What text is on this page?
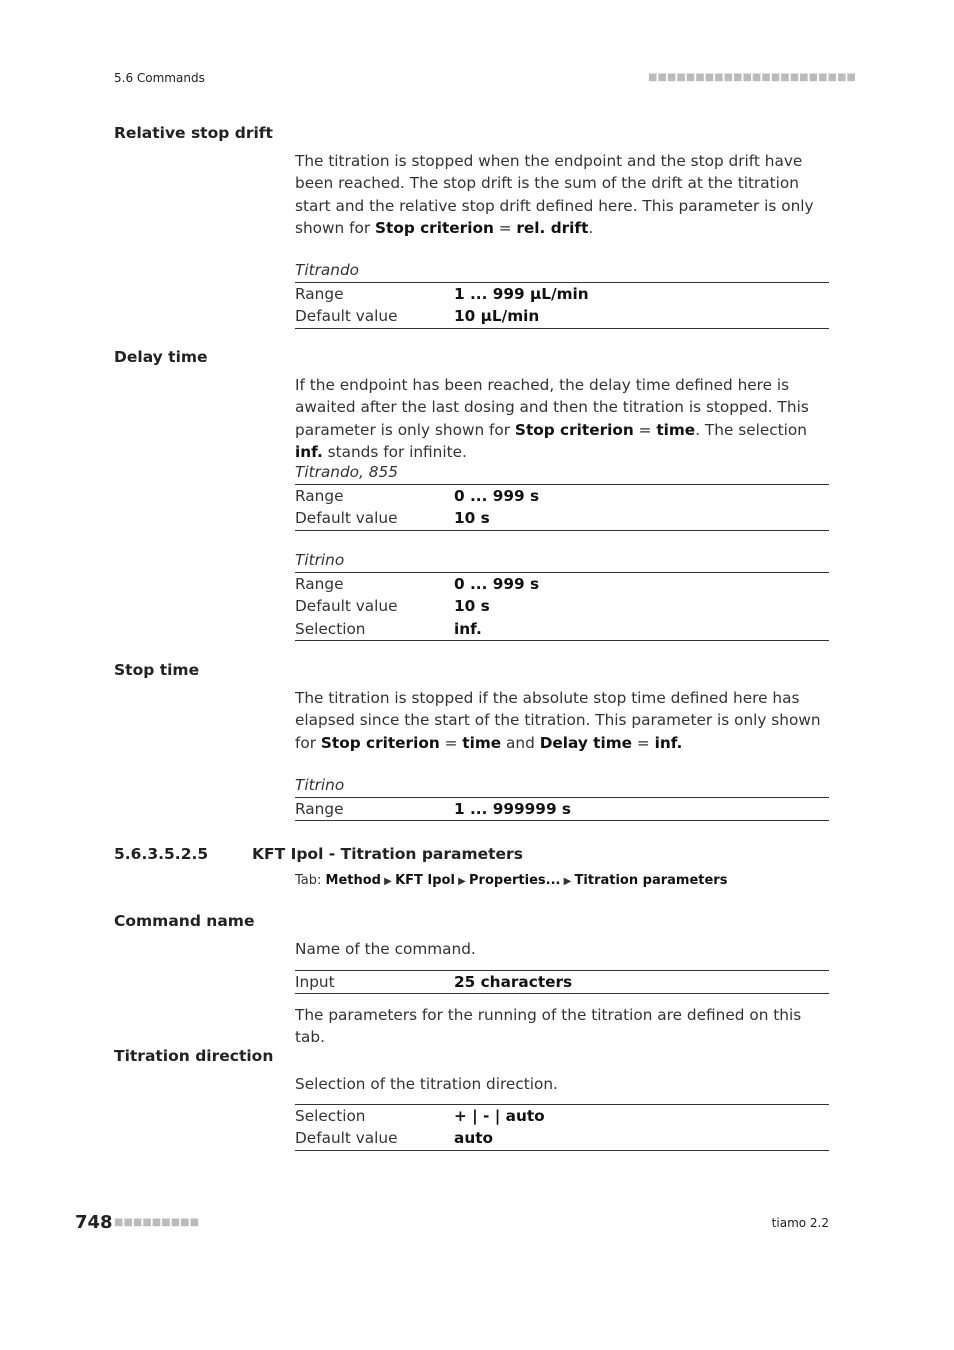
5.6 Commands	■■■■■■■■■■■■■■■■■■■■■■
Relative stop drift
The titration is stopped when the endpoint and the stop drift have been reached. The stop drift is the sum of the drift at the titration start and the relative stop drift defined here. This parameter is only shown for Stop criterion = rel. drift.
Titrando
Range	1 ... 999 µL/min
Default value	10 µL/min
Delay time
If the endpoint has been reached, the delay time defined here is awaited after the last dosing and then the titration is stopped. This parameter is only shown for Stop criterion = time. The selection inf. stands for infinite.
Titrando, 855
Range	0 ... 999 s
Default value	10 s
Titrino
Range	0 ... 999 s
Default value	10 s
Selection	inf.
Stop time
The titration is stopped if the absolute stop time defined here has elapsed since the start of the titration. This parameter is only shown for Stop criterion = time and Delay time = inf.
Titrino
Range	1 ... 999999 s
5.6.3.5.2.5	KFT Ipol - Titration parameters
Tab: Method ▶ KFT Ipol ▶ Properties... ▶ Titration parameters
Command name
Name of the command.
Input	25 characters
The parameters for the running of the titration are defined on this tab.
Titration direction
Selection of the titration direction.
Selection	+ | - | auto
Default value	auto
748 ■■■■■■■■■	tiamo 2.2
